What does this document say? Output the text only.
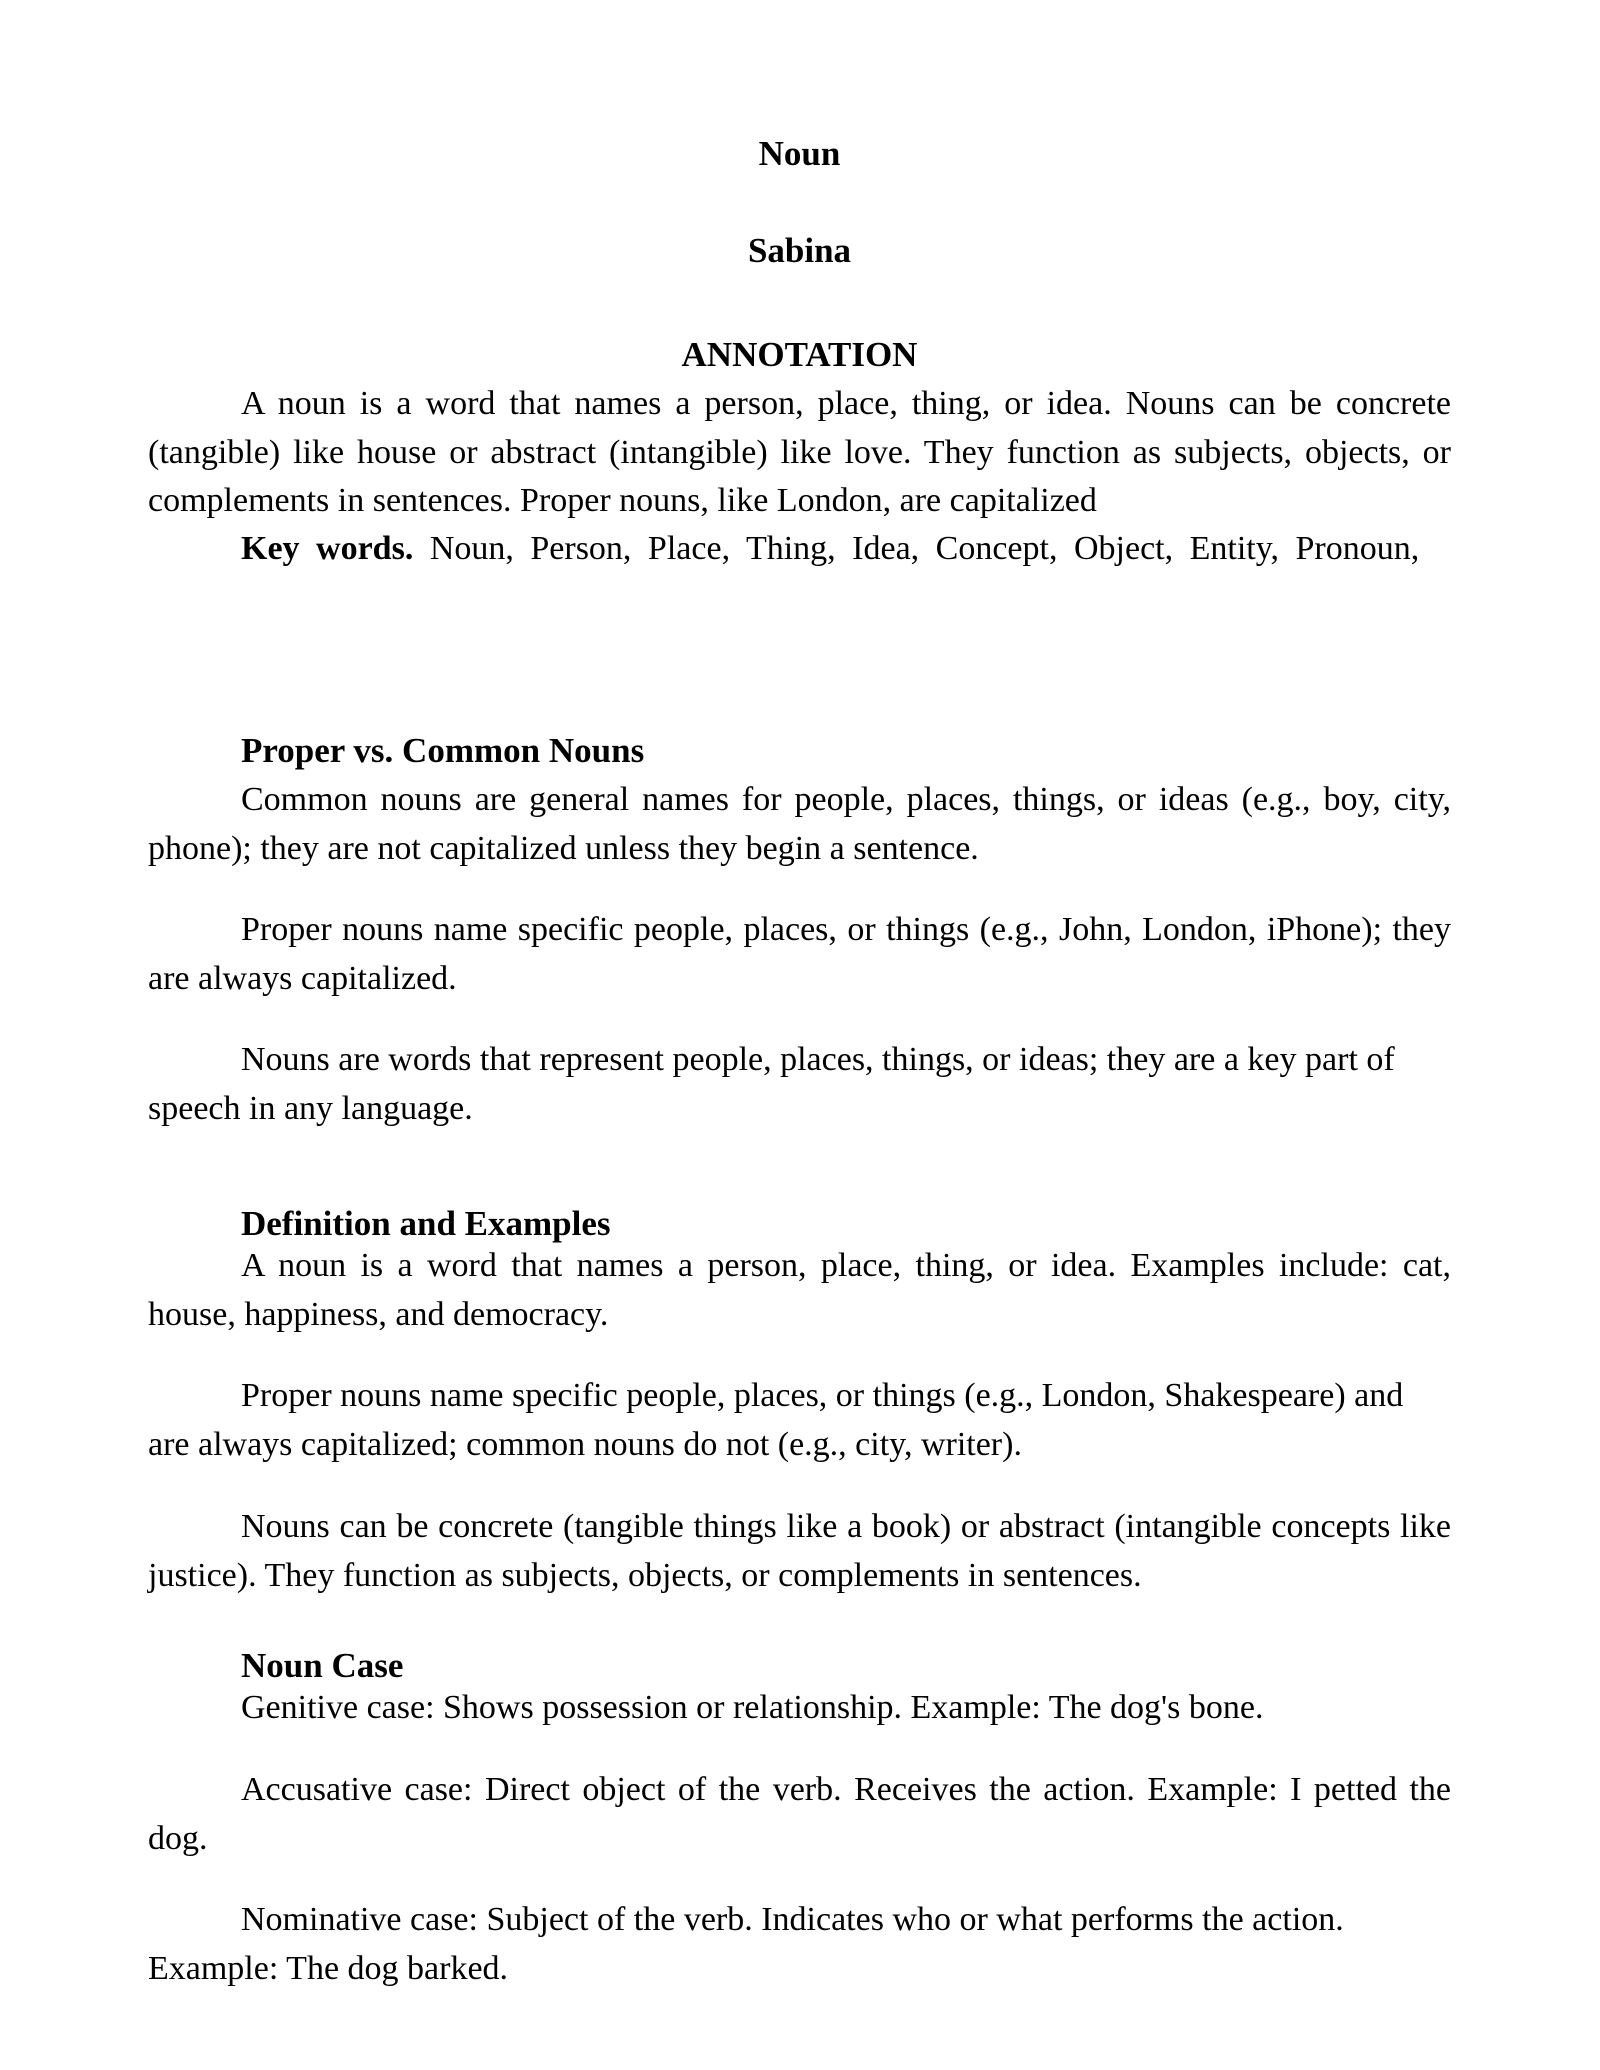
Noun

Sabina

ANNOTATION

A noun is a word that names a person, place, thing, or idea. Nouns can be concrete (tangible) like house or abstract (intangible) like love. They function as subjects, objects, or complements in sentences. Proper nouns, like London, are capitalized

Key words. Noun, Person, Place, Thing, Idea, Concept, Object, Entity, Pronoun,

Proper vs. Common Nouns

Common nouns are general names for people, places, things, or ideas (e.g., boy, city, phone); they are not capitalized unless they begin a sentence.

Proper nouns name specific people, places, or things (e.g., John, London, iPhone); they are always capitalized.

Nouns are words that represent people, places, things, or ideas; they are a key part of speech in any language.

Definition and Examples

A noun is a word that names a person, place, thing, or idea. Examples include: cat, house, happiness, and democracy.

Proper nouns name specific people, places, or things (e.g., London, Shakespeare) and are always capitalized; common nouns do not (e.g., city, writer).

Nouns can be concrete (tangible things like a book) or abstract (intangible concepts like justice). They function as subjects, objects, or complements in sentences.

Noun Case

Genitive case: Shows possession or relationship. Example: The dog's bone.

Accusative case: Direct object of the verb. Receives the action. Example: I petted the dog.

Nominative case: Subject of the verb. Indicates who or what performs the action. Example: The dog barked.
